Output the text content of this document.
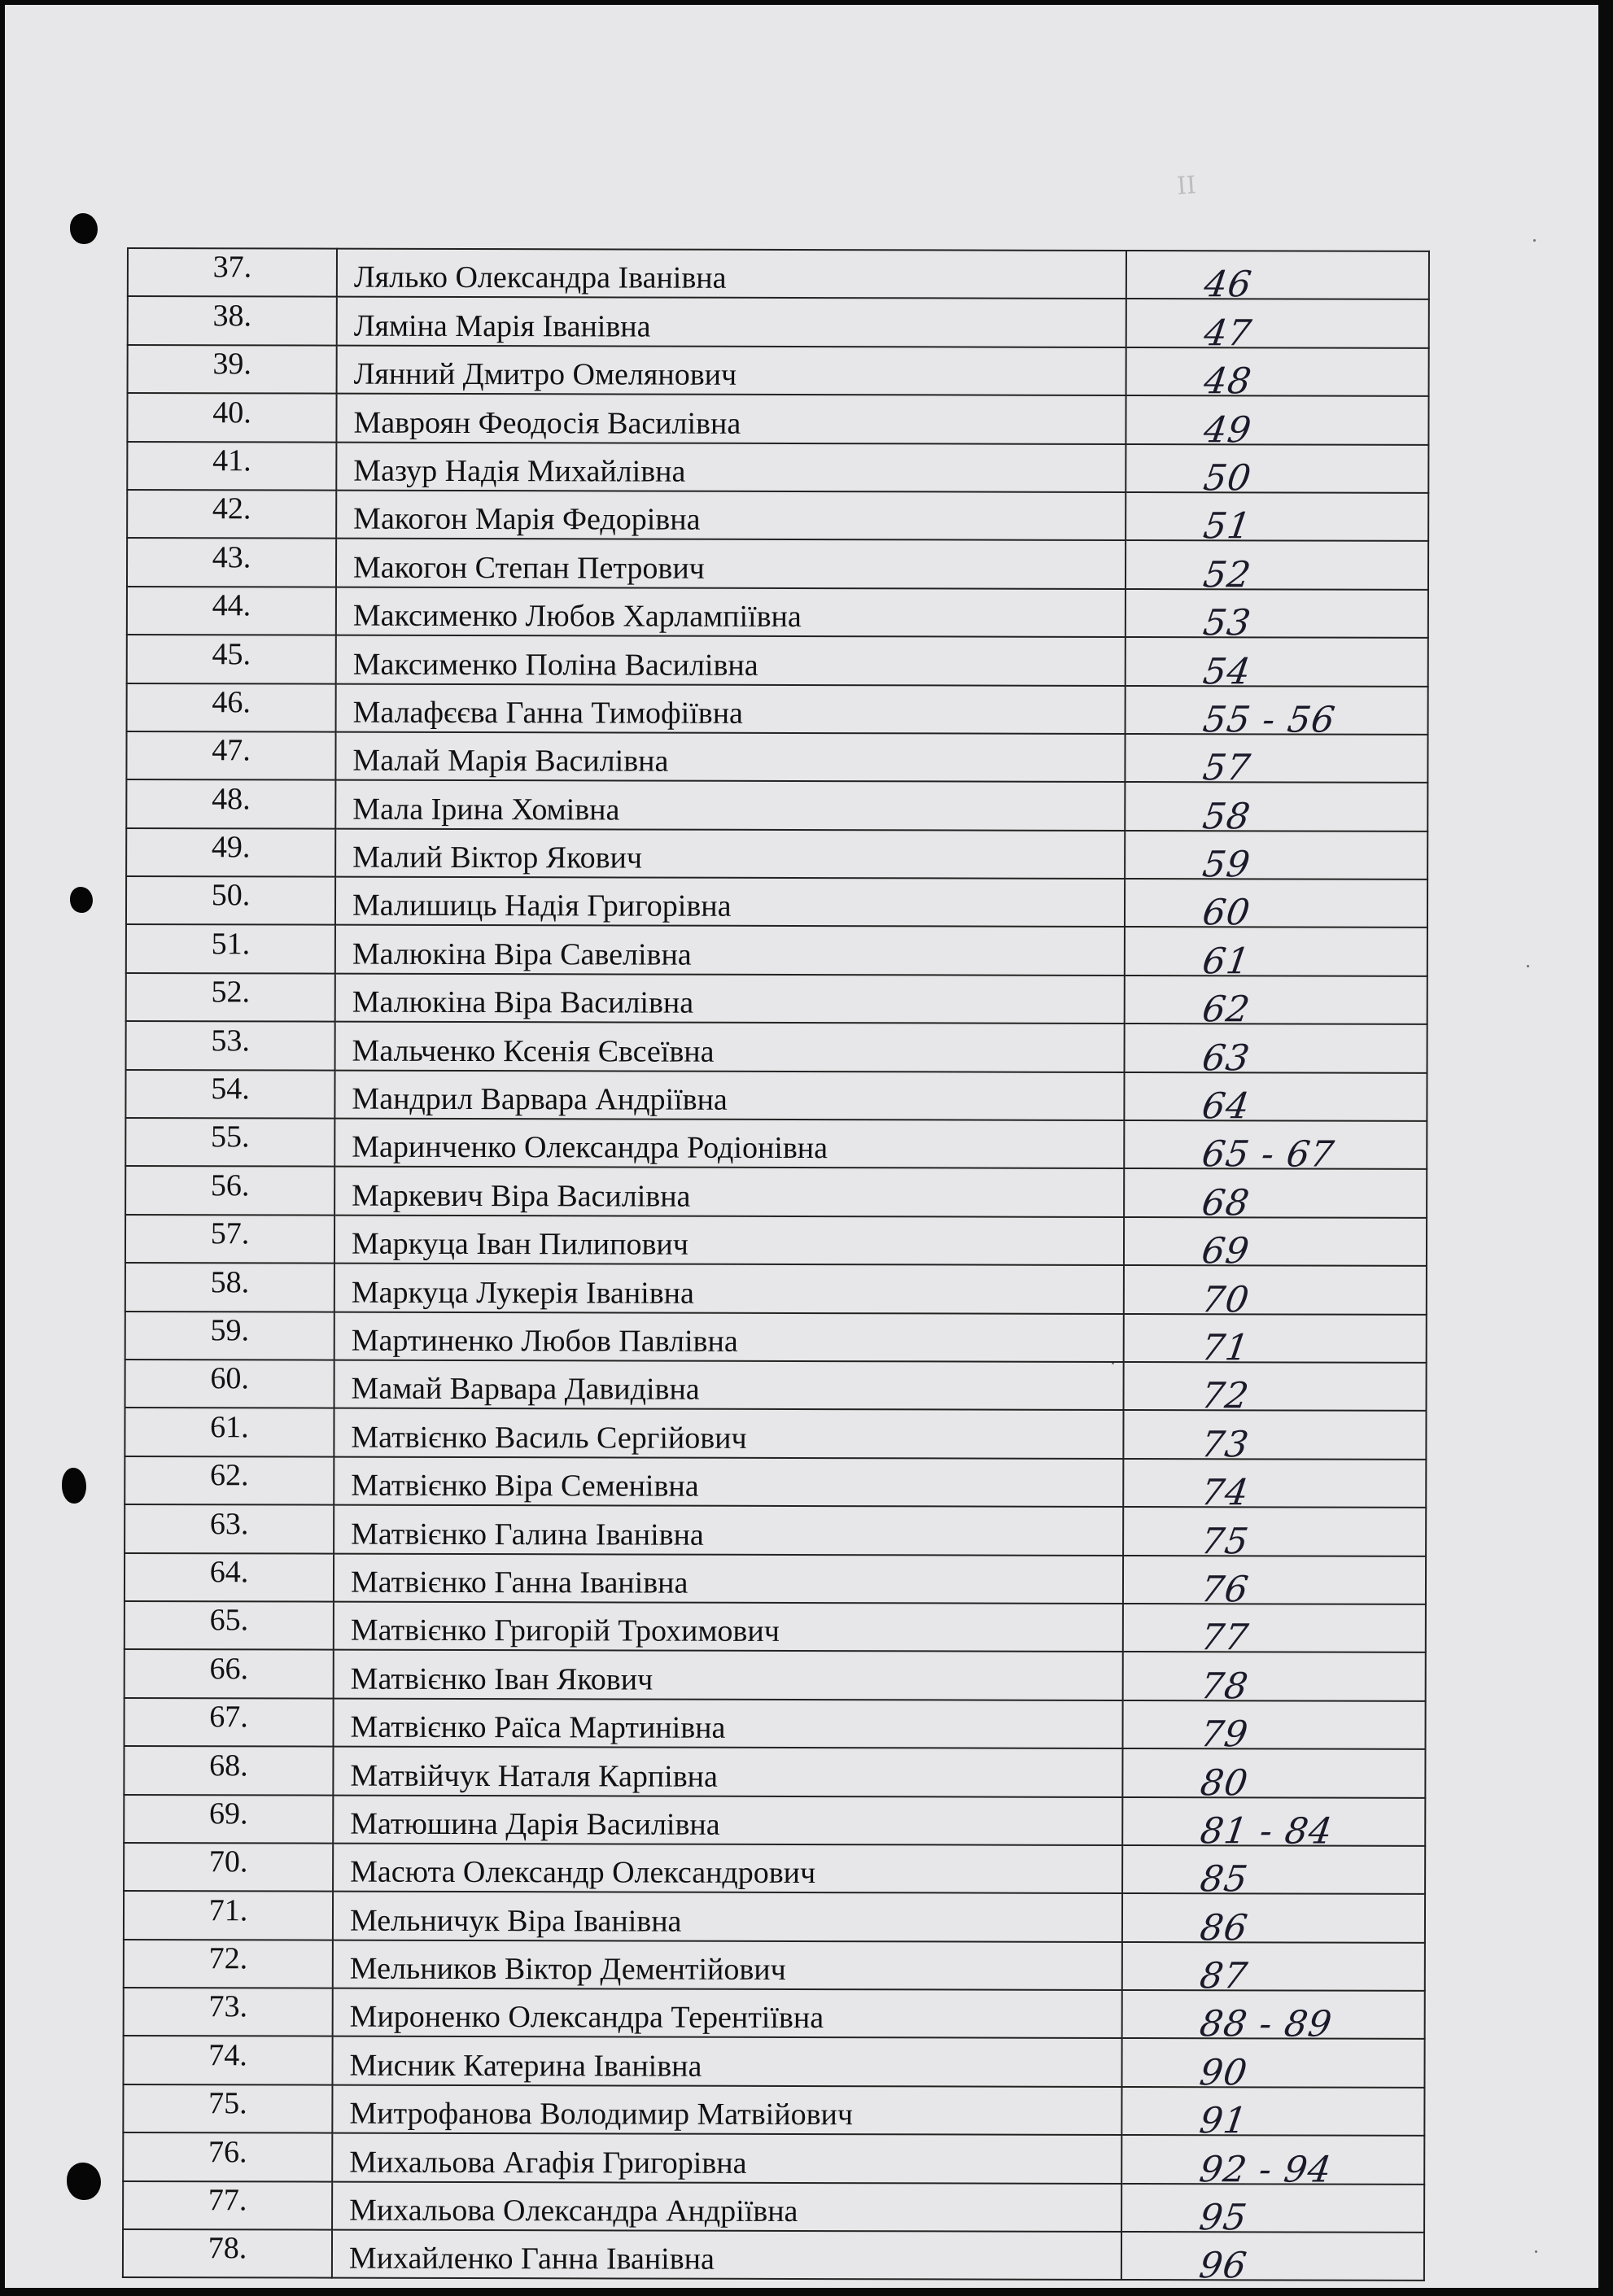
ІІ
37.	Лялько Олександра Іванівна	46

38.	Ляміна Марія Іванівна	47

39.	Лянний Дмитро Омелянович	48

40.	Мавроян Феодосія Василівна	49

41.	Мазур Надія Михайлівна	50

42.	Макогон Марія Федорівна	51

43.	Макогон Степан Петрович	52

44.	Максименко Любов Харлампіївна	53

45.	Максименко Поліна Василівна	54

46.	Малафєєва Ганна Тимофіївна	55 - 56

47.	Малай Марія Василівна	57

48.	Мала Ірина Хомівна	58

49.	Малий Віктор Якович	59

50.	Малишиць Надія Григорівна	60

51.	Малюкіна Віра Савелівна	61

52.	Малюкіна Віра Василівна	62

53.	Мальченко Ксенія Євсеївна	63

54.	Мандрил Варвара Андріївна	64

55.	Маринченко Олександра Родіонівна	65 - 67

56.	Маркевич Віра Василівна	68

57.	Маркуца Іван Пилипович	69

58.	Маркуца Лукерія Іванівна	70

59.	Мартиненко Любов Павлівна	71

60.	Мамай Варвара Давидівна	72

61.	Матвієнко Василь Сергійович	73

62.	Матвієнко Віра Семенівна	74

63.	Матвієнко Галина Іванівна	75

64.	Матвієнко Ганна Іванівна	76

65.	Матвієнко Григорій Трохимович	77

66.	Матвієнко Іван Якович	78

67.	Матвієнко Раїса Мартинівна	79

68.	Матвійчук Наталя Карпівна	80

69.	Матюшина Дарія Василівна	81 - 84

70.	Масюта Олександр Олександрович	85

71.	Мельничук Віра Іванівна	86

72.	Мельников Віктор Дементійович	87

73.	Мироненко Олександра Терентіївна	88 - 89

74.	Мисник Катерина Іванівна	90

75.	Митрофанова Володимир Матвійович	91

76.	Михальова Агафія Григорівна	92 - 94

77.	Михальова Олександра Андріївна	95

78.	Михайленко Ганна Іванівна	96
